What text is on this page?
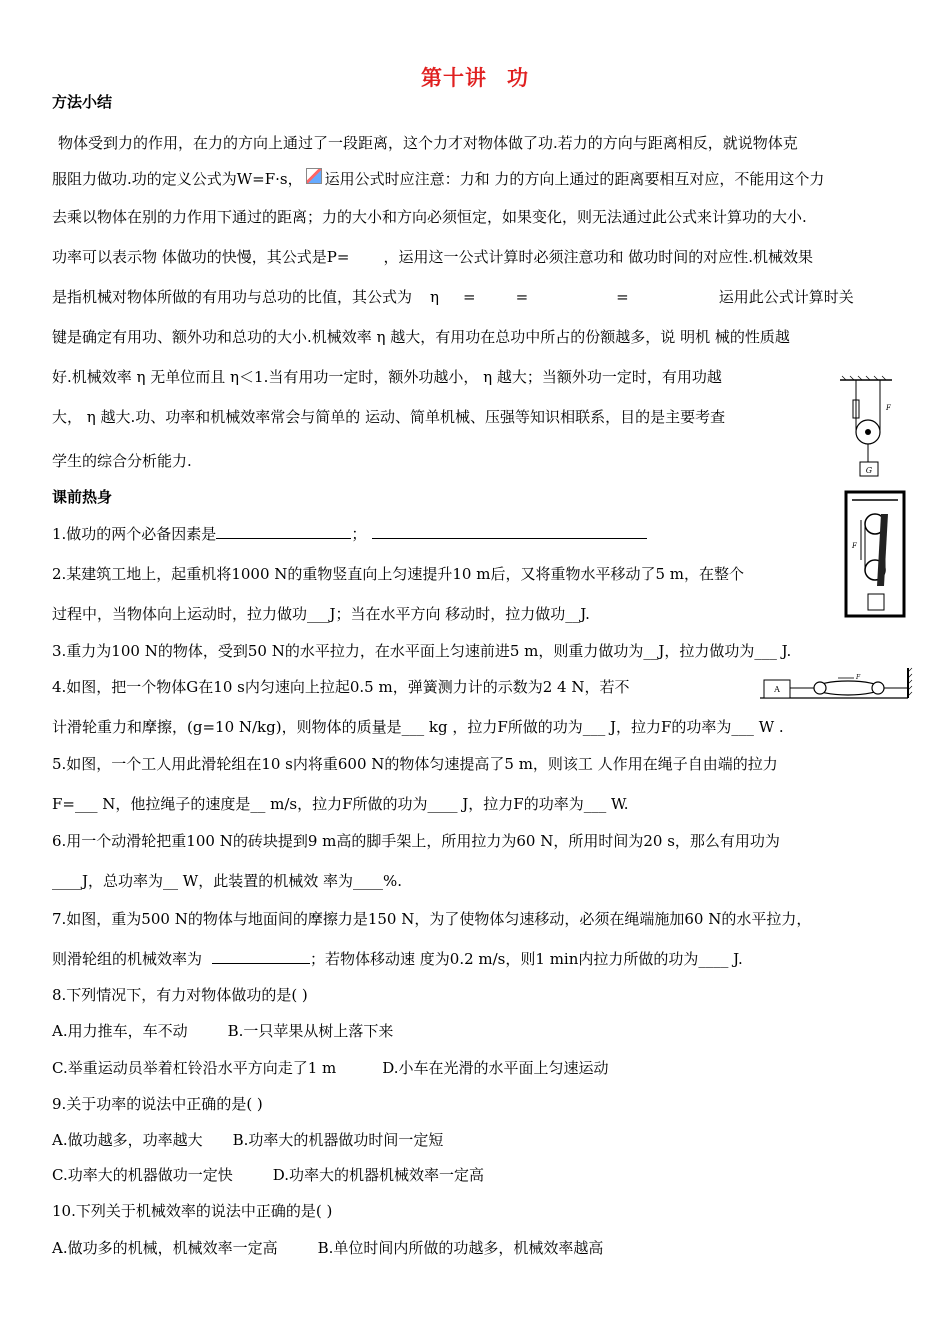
第十讲 功
方法小结
物体受到力的作用，在力的方向上通过了一段距离，这个力才对物体做了功.若力的方向与距离相反，就说物体克
服阻力做功.功的定义公式为W=F·s， 运用公式时应注意：力和 力的方向上通过的距离要相互对应，不能用这个力
去乘以物体在别的力作用下通过的距离；力的大小和方向必须恒定，如果变化，则无法通过此公式来计算功的大小.
功率可以表示物 体做功的快慢，其公式是P= ，运用这一公式计算时必须注意功和 做功时间的对应性.机械效果
是指机械对物体所做的有用功与总功的比值，其公式为 η =	=	=	运用此公式计算时关
键是确定有用功、额外功和总功的大小.机械效率 η 越大，有用功在总功中所占的份额越多，说 明机 械的性质越
好.机械效率 η 无单位而且 η＜1.当有用功一定时，额外功越小， η 越大；当额外功一定时，有用功越
大， η 越大.功、功率和机械效率常会与简单的 运动、简单机械、压强等知识相联系，目的是主要考查
学生的综合分析能力.
课前热身
1.做功的两个必备因素是	；
2.某建筑工地上，起重机将1000 N的重物竖直向上匀速提升10 m后，又将重物水平移动了5 m，在整个
过程中，当物体向上运动时，拉力做功___J；当在水平方向 移动时，拉力做功__J.
3.重力为100 N的物体，受到50 N的水平拉力，在水平面上匀速前进5 m，则重力做功为__J，拉力做功为___ J.
4.如图，把一个物体G在10 s内匀速向上拉起0.5 m，弹簧测力计的示数为2 4 N，若不
计滑轮重力和摩擦，(g=10 N/kg)，则物体的质量是___ kg ，拉力F所做的功为___ J，拉力F的功率为___ W .
5.如图，一个工人用此滑轮组在10 s内将重600 N的物体匀速提高了5 m，则该工 人作用在绳子自由端的拉力
F=___ N，他拉绳子的速度是__ m/s，拉力F所做的功为____ J，拉力F的功率为___ W.
6.用一个动滑轮把重100 N的砖块提到9 m高的脚手架上，所用拉力为60 N，所用时间为20 s，那么有用功为
____J，总功率为__ W，此装置的机械效 率为____%.
7.如图，重为500 N的物体与地面间的摩擦力是150 N，为了使物体匀速移动，必须在绳端施加60 N的水平拉力，
则滑轮组的机械效率为	；若物体移动速 度为0.2 m/s，则1 min内拉力所做的功为____ J.
8.下列情况下，有力对物体做功的是( )
A.用力推车，车不动	B.一只苹果从树上落下来
C.举重运动员举着杠铃沿水平方向走了1 m	D.小车在光滑的水平面上匀速运动
9.关于功率的说法中正确的是( )
A.做功越多，功率越大 B.功率大的机器做功时间一定短
C.功率大的机器做功一定快	D.功率大的机器机械效率一定高
10.下列关于机械效率的说法中正确的是( )
A.做功多的机械，机械效率一定高	B.单位时间内所做的功越多，机械效率越高
G
F
F
A
F
